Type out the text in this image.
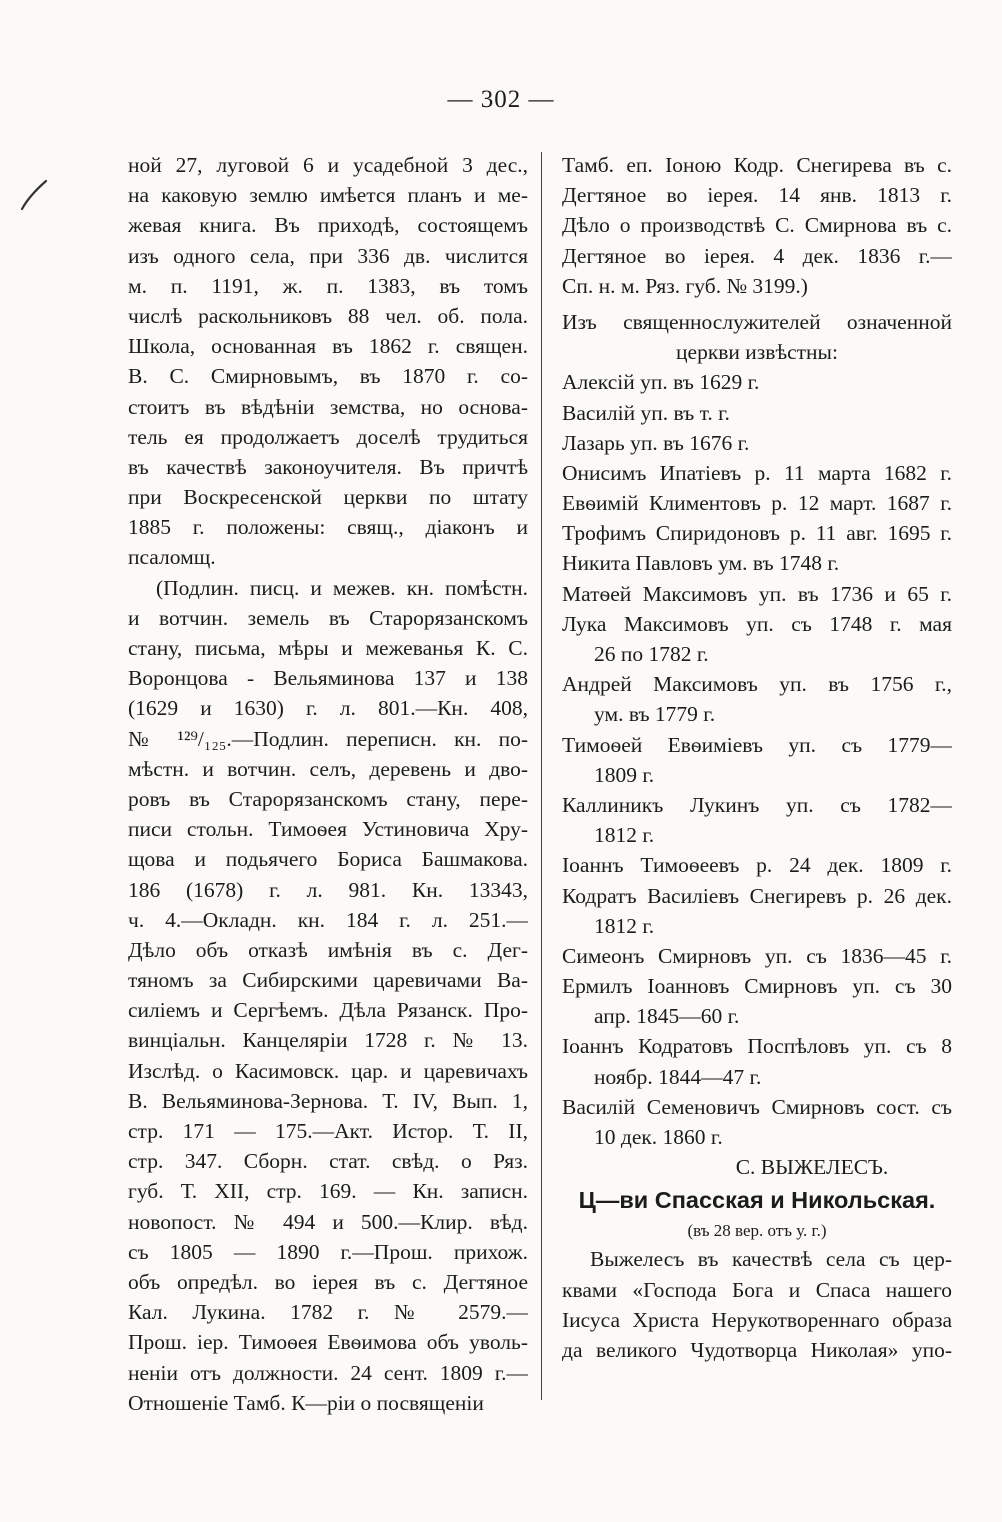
— 302 —
ной 27, луговой 6 и усадебной 3 дес.,
на каковую землю имѣется планъ и ме-
жевая книга. Въ приходѣ, состоящемъ
изъ одного села, при 336 дв. числится
м. п. 1191, ж. п. 1383, въ томъ
числѣ раскольниковъ 88 чел. об. пола.
Школа, основанная въ 1862 г. священ.
В. С. Смирновымъ, въ 1870 г. со-
стоитъ въ вѣдѣніи земства, но основа-
тель ея продолжаетъ доселѣ трудиться
въ качествѣ законоучителя. Въ причтѣ
при Воскресенской церкви по штату
1885 г. положены: свящ., діаконъ и
псаломщ.
(Подлин. писц. и межев. кн. помѣстн.
и вотчин. земель въ Старорязанскомъ
стану, письма, мѣры и межеванья К. С.
Воронцова - Вельяминова 137 и 138
(1629 и 1630) г. л. 801.—Кн. 408,
№ ¹²⁹/₁₂₅.—Подлин. переписн. кн. по-
мѣстн. и вотчин. селъ, деревень и дво-
ровъ въ Старорязанскомъ стану, пере-
писи стольн. Тимоѳея Устиновича Хру-
щова и подьячего Бориса Башмакова.
186 (1678) г. л. 981. Кн. 13343,
ч. 4.—Окладн. кн. 184 г. л. 251.—
Дѣло объ отказѣ имѣнія въ с. Дег-
тяномъ за Сибирскими царевичами Ва-
силіемъ и Сергѣемъ. Дѣла Рязанск. Про-
винціальн. Канцеляріи 1728 г. № 13.
Изслѣд. о Касимовск. цар. и царевичахъ
В. Вельяминова-Зернова. Т. IV, Вып. 1,
стр. 171 — 175.—Акт. Истор. Т. II,
стр. 347. Сборн. стат. свѣд. о Ряз.
губ. Т. XII, стр. 169. — Кн. записн.
новопост. № 494 и 500.—Клир. вѣд.
съ 1805 — 1890 г.—Прош. прихож.
объ опредѣл. во іерея въ с. Дегтяное
Кал. Лукина. 1782 г. № 2579.—
Прош. іер. Тимоѳея Евѳимова объ уволь-
неніи отъ должности. 24 сент. 1809 г.—
Отношеніе Тамб. К—ріи о посвященіи
Тамб. еп. Іоною Кодр. Снегирева въ с.
Дегтяное во іерея. 14 янв. 1813 г.
Дѣло о производствѣ С. Смирнова въ с.
Дегтяное во іерея. 4 дек. 1836 г.—
Сп. н. м. Ряз. губ. № 3199.)
Изъ священнослужителей означенной
церкви извѣстны:
Алексій уп. въ 1629 г.
Василій уп. въ т. г.
Лазарь уп. въ 1676 г.
Онисимъ Ипатіевъ р. 11 марта 1682 г.
Евѳимій Климентовъ р. 12 март. 1687 г.
Трофимъ Спиридоновъ р. 11 авг. 1695 г.
Никита Павловъ ум. въ 1748 г.
Матѳей Максимовъ уп. въ 1736 и 65 г.
Лука Максимовъ уп. съ 1748 г. мая
26 по 1782 г.
Андрей Максимовъ уп. въ 1756 г.,
ум. въ 1779 г.
Тимоѳей Евѳиміевъ уп. съ 1779—
1809 г.
Каллиникъ Лукинъ уп. съ 1782—
1812 г.
Іоаннъ Тимоѳеевъ р. 24 дек. 1809 г.
Кодратъ Василіевъ Снегиревъ р. 26 дек.
1812 г.
Симеонъ Смирновъ уп. съ 1836—45 г.
Ермилъ Іоанновъ Смирновъ уп. съ 30
апр. 1845—60 г.
Іоаннъ Кодратовъ Поспѣловъ уп. съ 8
ноябр. 1844—47 г.
Василій Семеновичъ Смирновъ сост. съ
10 дек. 1860 г.
С. ВЫЖЕЛЕСЪ.
Ц—ви Спасская и Никольская.
(въ 28 вер. отъ у. г.)
Выжелесъ въ качествѣ села съ цер-
квами «Господа Бога и Спаса нашего
Іисуса Христа Нерукотвореннаго образа
да великого Чудотворца Николая» упо-
